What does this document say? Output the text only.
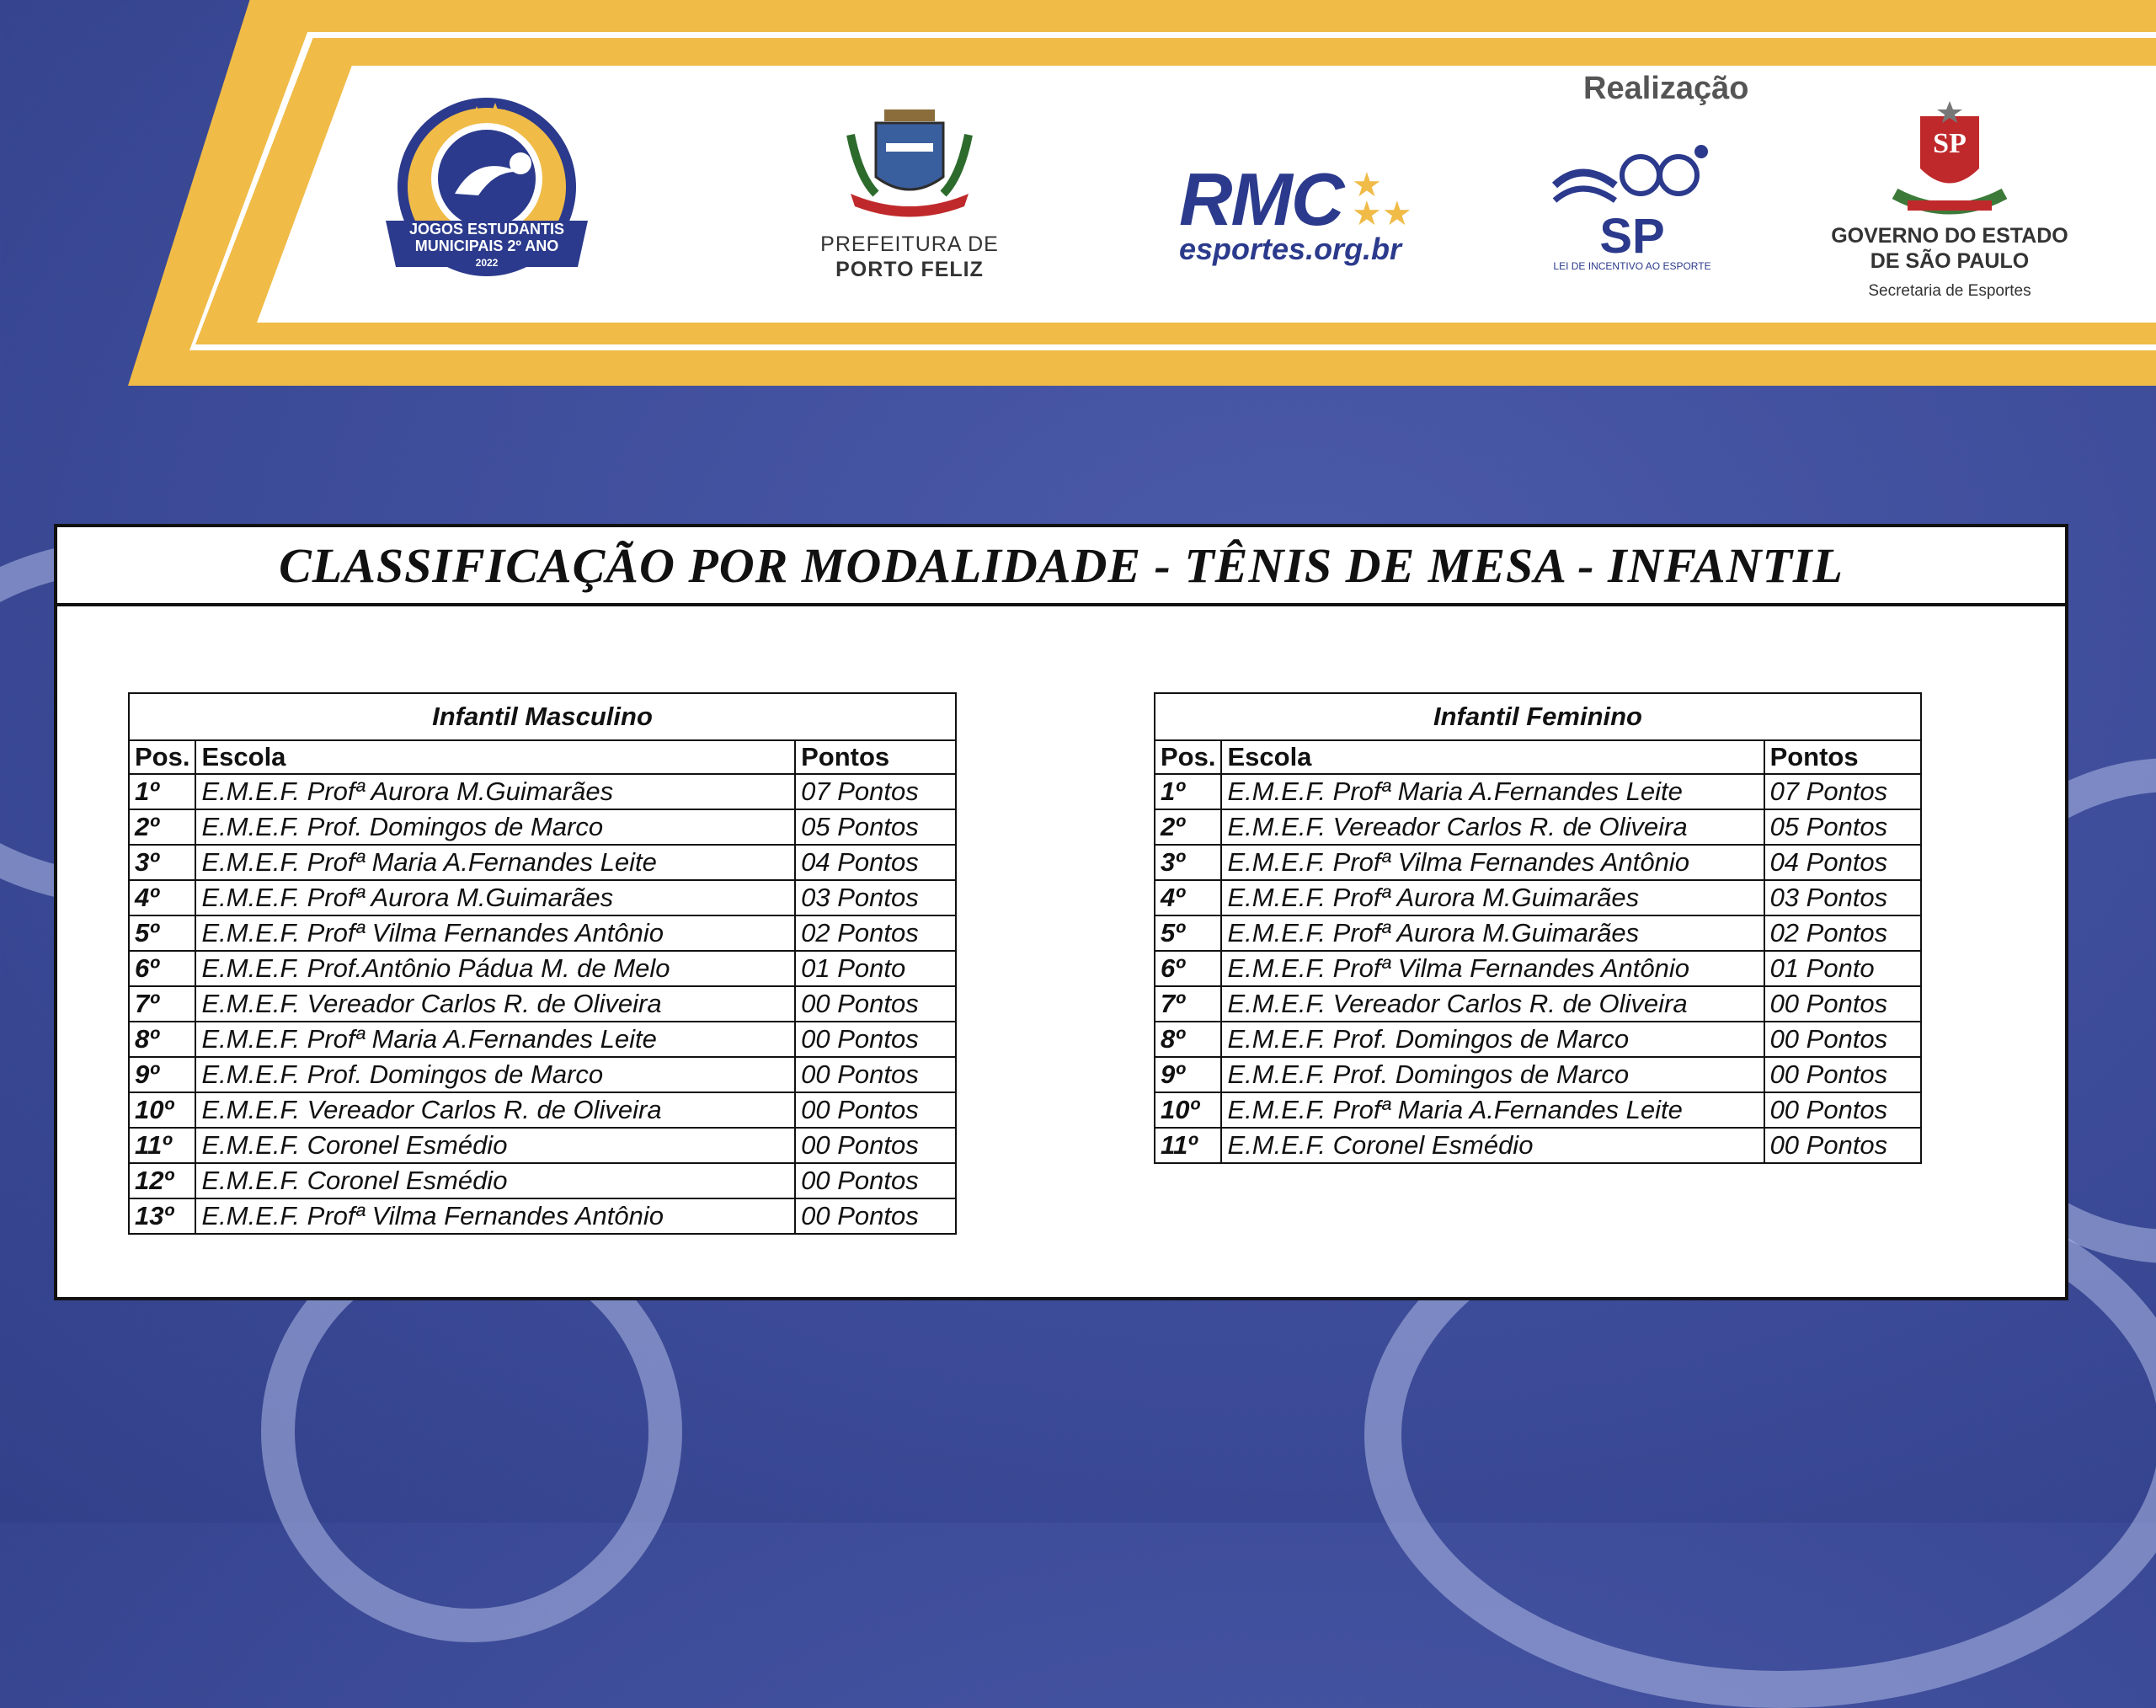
JOGOS ESTUDANTIS
MUNICIPAIS 2º ANO
2022
PREFEITURA DE
PORTO FELIZ
RMC ★
★★
esportes.org.br
Realização
SP
LEI DE INCENTIVO AO ESPORTE
SP
GOVERNO DO ESTADO
DE SÃO PAULO
Secretaria de Esportes
CLASSIFICAÇÃO POR MODALIDADE - TÊNIS DE MESA - INFANTIL
Infantil Masculino		
Pos.	Escola	Pontos
1º	E.M.E.F. Profª Aurora M.Guimarães	07 Pontos
2º	E.M.E.F. Prof. Domingos de Marco	05 Pontos
3º	E.M.E.F. Profª Maria A.Fernandes Leite	04 Pontos
4º	E.M.E.F. Profª Aurora M.Guimarães	03 Pontos
5º	E.M.E.F. Profª Vilma Fernandes Antônio	02 Pontos
6º	E.M.E.F. Prof.Antônio Pádua M. de Melo	01 Ponto
7º	E.M.E.F. Vereador Carlos R. de Oliveira	00 Pontos
8º	E.M.E.F. Profª Maria A.Fernandes Leite	00 Pontos
9º	E.M.E.F. Prof. Domingos de Marco	00 Pontos
10º	E.M.E.F. Vereador Carlos R. de Oliveira	00 Pontos
11º	E.M.E.F. Coronel Esmédio	00 Pontos
12º	E.M.E.F. Coronel Esmédio	00 Pontos
13º	E.M.E.F. Profª Vilma Fernandes Antônio	00 Pontos
Infantil Feminino		
Pos.	Escola	Pontos
1º	E.M.E.F. Profª Maria A.Fernandes Leite	07 Pontos
2º	E.M.E.F. Vereador Carlos R. de Oliveira	05 Pontos
3º	E.M.E.F. Profª Vilma Fernandes Antônio	04 Pontos
4º	E.M.E.F. Profª Aurora M.Guimarães	03 Pontos
5º	E.M.E.F. Profª Aurora M.Guimarães	02 Pontos
6º	E.M.E.F. Profª Vilma Fernandes Antônio	01 Ponto
7º	E.M.E.F. Vereador Carlos R. de Oliveira	00 Pontos
8º	E.M.E.F. Prof. Domingos de Marco	00 Pontos
9º	E.M.E.F. Prof. Domingos de Marco	00 Pontos
10º	E.M.E.F. Profª Maria A.Fernandes Leite	00 Pontos
11º	E.M.E.F. Coronel Esmédio	00 Pontos
